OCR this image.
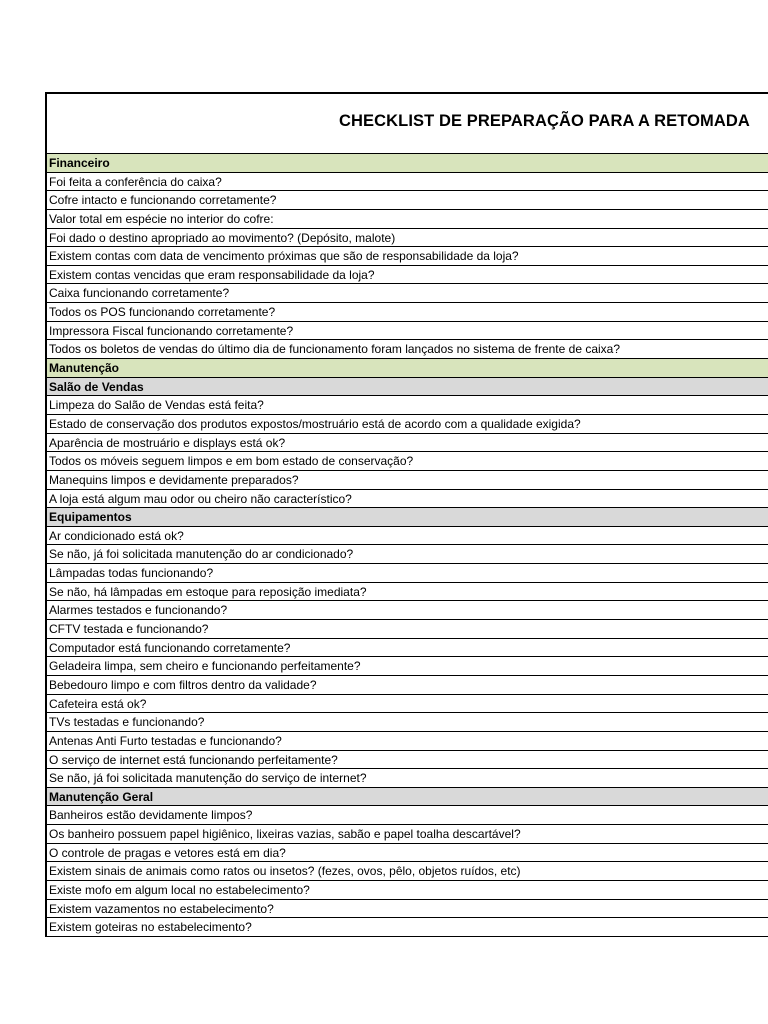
CHECKLIST DE PREPARAÇÃO PARA A RETOMADA
Financeiro
Foi feita a conferência do caixa?
Cofre intacto e funcionando corretamente?
Valor total em espécie no interior do cofre:
Foi dado o destino apropriado ao movimento? (Depósito, malote)
Existem contas com data de vencimento próximas que são de responsabilidade da loja?
Existem contas vencidas que eram responsabilidade da loja?
Caixa funcionando corretamente?
Todos os POS funcionando corretamente?
Impressora Fiscal funcionando corretamente?
Todos os boletos de vendas do último dia de funcionamento foram lançados no sistema de frente de caixa?
Manutenção
Salão de Vendas
Limpeza do Salão de Vendas está feita?
Estado de conservação dos produtos expostos/mostruário está de acordo com a qualidade exigida?
Aparência de mostruário e displays está ok?
Todos os móveis seguem limpos e em bom estado de conservação?
Manequins limpos e devidamente preparados?
A loja está algum mau odor ou cheiro não característico?
Equipamentos
Ar condicionado está ok?
Se não, já foi solicitada manutenção do ar condicionado?
Lâmpadas todas funcionando?
Se não, há lâmpadas em estoque para reposição imediata?
Alarmes testados e funcionando?
CFTV testada e funcionando?
Computador está funcionando corretamente?
Geladeira limpa, sem cheiro e funcionando perfeitamente?
Bebedouro limpo e com filtros dentro da validade?
Cafeteira está ok?
TVs testadas e funcionando?
Antenas Anti Furto testadas e funcionando?
O serviço de internet está funcionando perfeitamente?
Se não, já foi solicitada manutenção do serviço de internet?
Manutenção Geral
Banheiros estão devidamente limpos?
Os banheiro possuem papel higiênico, lixeiras vazias, sabão e papel toalha descartável?
O controle de pragas e vetores está em dia?
Existem sinais de animais como ratos ou insetos? (fezes, ovos, pêlo, objetos ruídos, etc)
Existe mofo em algum local no estabelecimento?
Existem vazamentos no estabelecimento?
Existem goteiras no estabelecimento?
